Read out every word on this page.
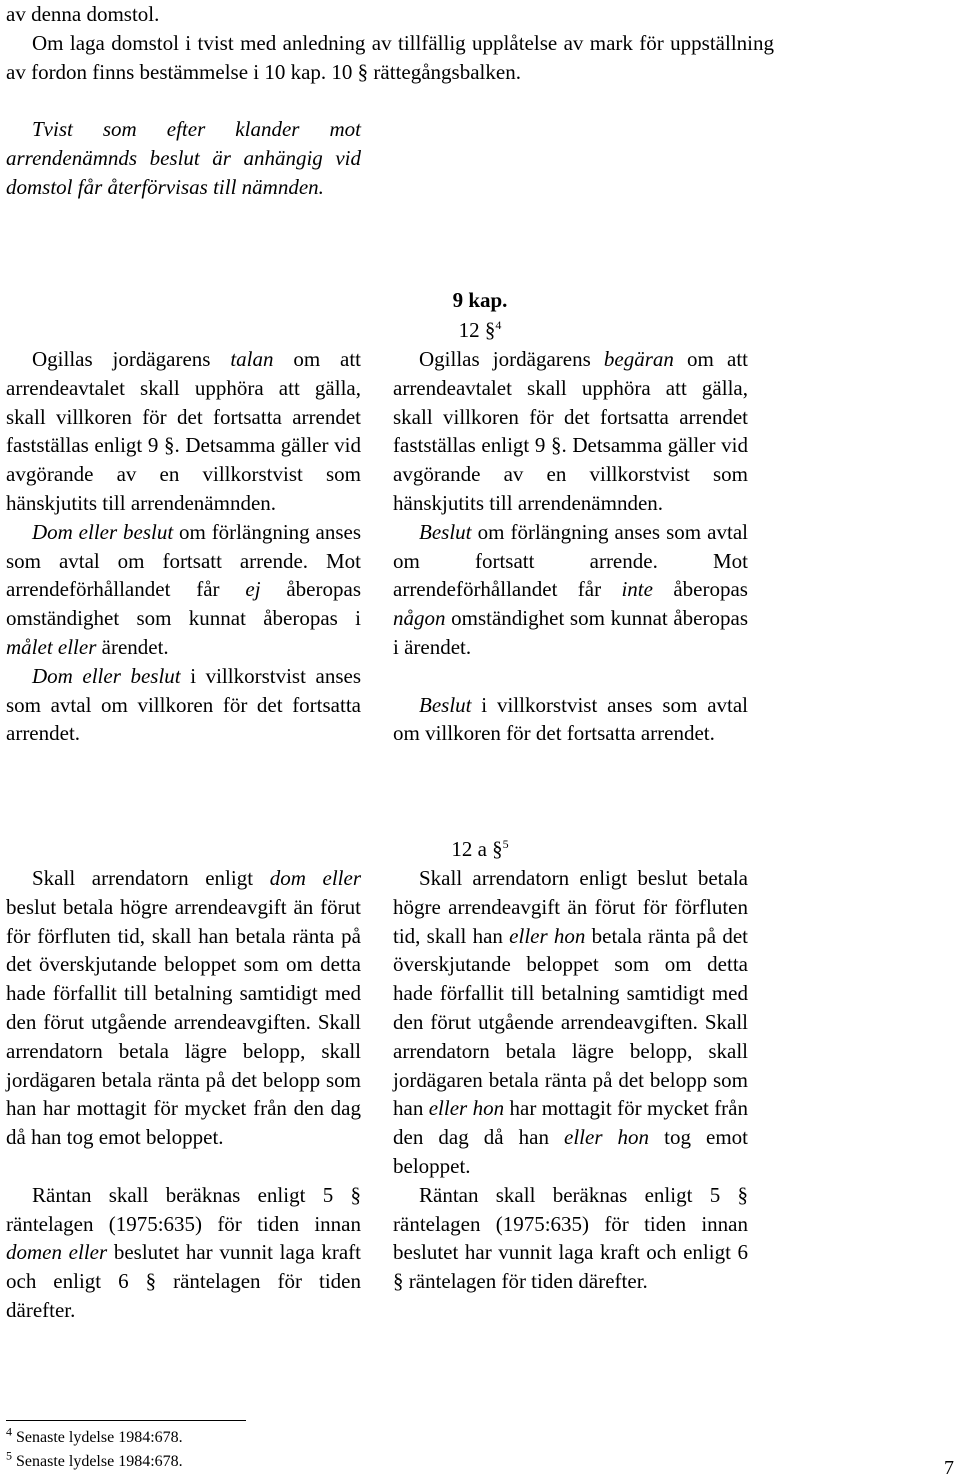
av denna domstol.

Om laga domstol i tvist med anledning av tillfällig upplåtelse av mark för uppställning av fordon finns bestämmelse i 10 kap. 10 § rättegångsbalken.

Tvist som efter klander mot arrendenämnds beslut är anhängig vid domstol får återförvisas till nämnden.

9 kap.
12 §$^4$

Ogillas jordägarens talan om att arrendeavtalet skall upphöra att gälla, skall villkoren för det fortsatta arrendet fastställas enligt 9 §. Detsamma gäller vid avgörande av en villkorstvist som hänskjutits till arrendenämnden.

Dom eller beslut om förlängning anses som avtal om fortsatt arrende. Mot arrendeförhållandet får ej åberopas omständighet som kunnat åberopas i målet eller ärendet.

Dom eller beslut i villkorstvist anses som avtal om villkoren för det fortsatta arrendet.

Ogillas jordägarens begäran om att arrendeavtalet skall upphöra att gälla, skall villkoren för det fortsatta arrendet fastställas enligt 9 §. Detsamma gäller vid avgörande av en villkorstvist som hänskjutits till arrendenämnden.

Beslut om förlängning anses som avtal om fortsatt arrende. Mot arrendeförhållandet får inte åberopas någon omständighet som kunnat åberopas i ärendet.

Beslut i villkorstvist anses som avtal om villkoren för det fortsatta arrendet.

12 a §$^5$

Skall arrendatorn enligt dom eller beslut betala högre arrendeavgift än förut för förfluten tid, skall han betala ränta på det överskjutande beloppet som om detta hade förfallit till betalning samtidigt med den förut utgående arrendeavgiften. Skall arrendatorn betala lägre belopp, skall jordägaren betala ränta på det belopp som han har mottagit för mycket från den dag då han tog emot beloppet.

Räntan skall beräknas enligt 5 § räntelagen (1975:635) för tiden innan domen eller beslutet har vunnit laga kraft och enligt 6 § räntelagen för tiden därefter.

Skall arrendatorn enligt beslut betala högre arrendeavgift än förut för förfluten tid, skall han eller hon betala ränta på det överskjutande beloppet som om detta hade förfallit till betalning samtidigt med den förut utgående arrendeavgiften. Skall arrendatorn betala lägre belopp, skall jordägaren betala ränta på det belopp som han eller hon har mottagit för mycket från den dag då han eller hon tog emot beloppet.

Räntan skall beräknas enligt 5 § räntelagen (1975:635) för tiden innan beslutet har vunnit laga kraft och enligt 6 § räntelagen för tiden därefter.

$^4$ Senaste lydelse 1984:678.
$^5$ Senaste lydelse 1984:678.	7
